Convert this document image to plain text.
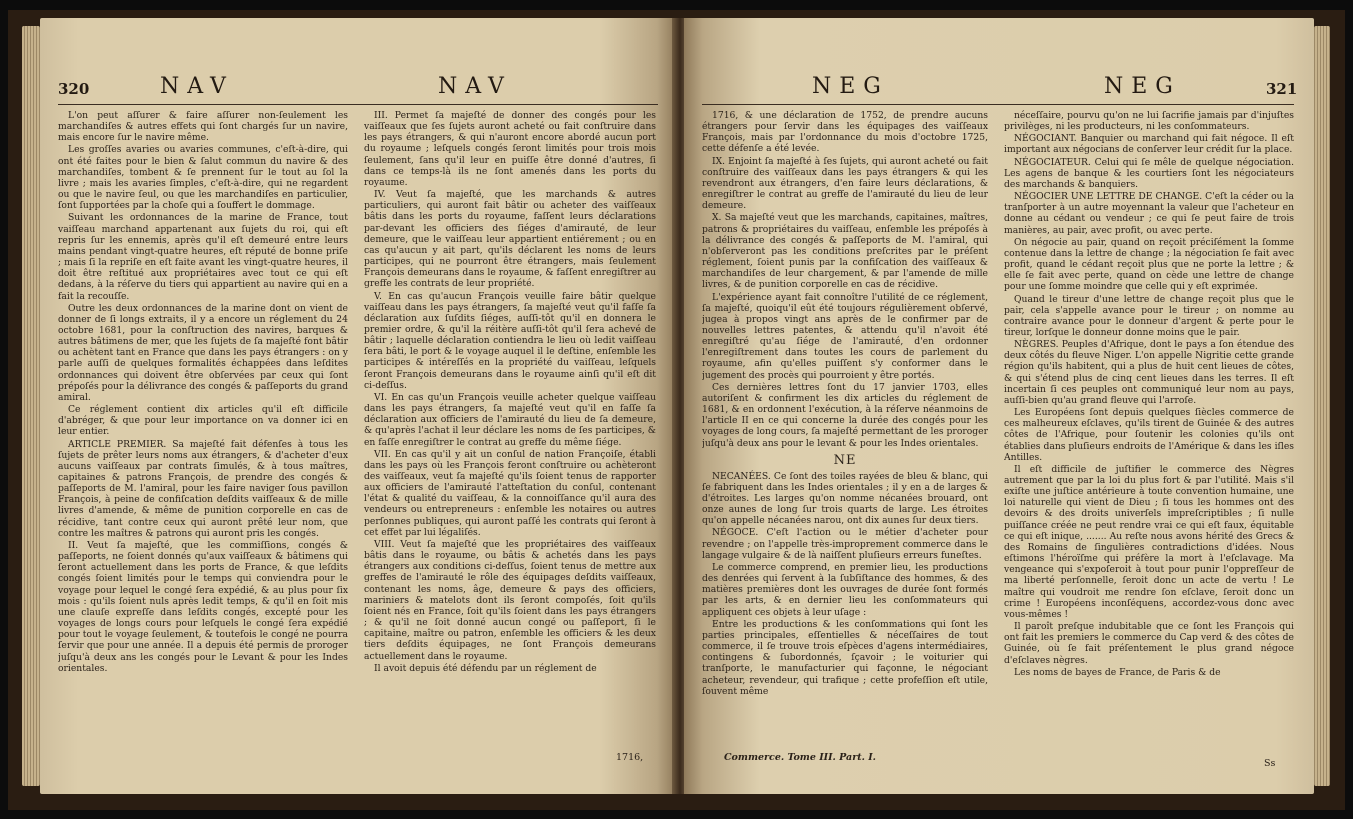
320	NAV	NAV

L'on peut aſſurer & faire aſſurer non-ſeulement les marchandiſes & autres effets qui ſont chargés ſur un navire, mais encore ſur le navire même.

Les groſſes avaries ou avaries communes, c'eſt-à-dire, qui ont été faites pour le bien & ſalut commun du navire & des marchandiſes, tombent & ſe prennent ſur le tout au ſol la livre ; mais les avaries ſimples, c'eſt-à-dire, qui ne regardent ou que le navire ſeul, ou que les marchandiſes en particulier, ſont ſupportées par la choſe qui a ſouffert le dommage.

Suivant les ordonnances de la marine de France, tout vaiſſeau marchand appartenant aux ſujets du roi, qui eſt repris ſur les ennemis, après qu'il eſt demeuré entre leurs mains pendant vingt-quatre heures, eſt réputé de bonne priſe ; mais ſi la repriſe en eſt faite avant les vingt-quatre heures, il doit être reſtitué aux propriétaires avec tout ce qui eſt dedans, à la réſerve du tiers qui appartient au navire qui en a fait la recouſſe.

Outre les deux ordonnances de la marine dont on vient de donner de ſi longs extraits, il y a encore un réglement du 24 octobre 1681, pour la conſtruction des navires, barques & autres bâtimens de mer, que les ſujets de ſa majeſté font bâtir ou achètent tant en France que dans les pays étrangers : on y parle auſſi de quelques formalités échappées dans leſdites ordonnances qui doivent être obſervées par ceux qui ſont prépoſés pour la délivrance des congés & paſſeports du grand amiral.

Ce réglement contient dix articles qu'il eſt difficile d'abréger, & que pour leur importance on va donner ici en leur entier.

ARTICLE PREMIER. Sa majeſté fait défenſes à tous les ſujets de prêter leurs noms aux étrangers, & d'acheter d'eux aucuns vaiſſeaux par contrats ſimulés, & à tous maîtres, capitaines & patrons François, de prendre des congés & paſſeports de M. l'amiral, pour les faire naviger ſous pavillon François, à peine de confiſcation deſdits vaiſſeaux & de mille livres d'amende, & même de punition corporelle en cas de récidive, tant contre ceux qui auront prêté leur nom, que contre les maîtres & patrons qui auront pris les congés.

II. Veut ſa majeſté, que les commiſſions, congés & paſſeports, ne ſoient donnés qu'aux vaiſſeaux & bâtimens qui ſeront actuellement dans les ports de France, & que leſdits congés ſoient limités pour le temps qui conviendra pour le voyage pour lequel le congé ſera expédié, & au plus pour ſix mois : qu'ils ſoient nuls après ledit temps, & qu'il en ſoit mis une clauſe expreſſe dans leſdits congés, excepté pour les voyages de longs cours pour leſquels le congé ſera expédié pour tout le voyage ſeulement, & toutefois le congé ne pourra ſervir que pour une année. Il a depuis été permis de proroger juſqu'à deux ans les congés pour le Levant & pour les Indes orientales.

III. Permet ſa majeſté de donner des congés pour les vaiſſeaux que ſes ſujets auront acheté ou fait conſtruire dans les pays étrangers, & qui n'auront encore abordé aucun port du royaume ; leſquels congés ſeront limités pour trois mois ſeulement, ſans qu'il leur en puiſſe être donné d'autres, ſi dans ce temps-là ils ne ſont amenés dans les ports du royaume.

IV. Veut ſa majeſté, que les marchands & autres particuliers, qui auront fait bâtir ou acheter des vaiſſeaux bâtis dans les ports du royaume, faſſent leurs déclarations par-devant les officiers des ſiéges d'amirauté, de leur demeure, que le vaiſſeau leur appartient entiérement ; ou en cas qu'aucun y ait part, qu'ils déclarent les noms de leurs participes, qui ne pourront être étrangers, mais ſeulement François demeurans dans le royaume, & faſſent enregiſtrer au greffe les contrats de leur propriété.

V. En cas qu'aucun François veuille faire bâtir quelque vaiſſeau dans les pays étrangers, ſa majeſté veut qu'il faſſe ſa déclaration aux ſuſdits ſiéges, auſſi-tôt qu'il en donnera le premier ordre, & qu'il la réitère auſſi-tôt qu'il ſera achevé de bâtir ; laquelle déclaration contiendra le lieu où ledit vaiſſeau ſera bâti, le port & le voyage auquel il le deſtine, enſemble les participes & intéreſſés en la propriété du vaiſſeau, leſquels ſeront François demeurans dans le royaume ainſi qu'il eſt dit ci-deſſus.

VI. En cas qu'un François veuille acheter quelque vaiſſeau dans les pays étrangers, ſa majeſté veut qu'il en faſſe ſa déclaration aux officiers de l'amirauté du lieu de ſa demeure, & qu'après l'achat il leur déclare les noms de ſes participes, & en faſſe enregiſtrer le contrat au greffe du même ſiége.

VII. En cas qu'il y ait un conſul de nation Françoiſe, établi dans les pays où les François feront conſtruire ou achèteront des vaiſſeaux, veut ſa majeſté qu'ils ſoient tenus de rapporter aux officiers de l'amirauté l'atteſtation du conſul, contenant l'état & qualité du vaiſſeau, & la connoiſſance qu'il aura des vendeurs ou entrepreneurs : enſemble les notaires ou autres perſonnes publiques, qui auront paſſé les contrats qui ſeront à cet effet par lui légaliſés.

VIII. Veut ſa majeſté que les propriétaires des vaiſſeaux bâtis dans le royaume, ou bâtis & achetés dans les pays étrangers aux conditions ci-deſſus, ſoient tenus de mettre aux greffes de l'amirauté le rôle des équipages deſdits vaiſſeaux, contenant les noms, âge, demeure & pays des officiers, mariniers & matelots dont ils ſeront compoſés, ſoit qu'ils ſoient nés en France, ſoit qu'ils ſoient dans les pays étrangers ; & qu'il ne ſoit donné aucun congé ou paſſeport, ſi le capitaine, maître ou patron, enſemble les officiers & les deux tiers deſdits équipages, ne ſont François demeurans actuellement dans le royaume.

Il avoit depuis été défendu par un réglement de

1716,
NEG	NEG	321

1716, & une déclaration de 1752, de prendre aucuns étrangers pour ſervir dans les équipages des vaiſſeaux François, mais par l'ordonnance du mois d'octobre 1725, cette défenſe a été levée.

IX. Enjoint ſa majeſté à ſes ſujets, qui auront acheté ou fait conſtruire des vaiſſeaux dans les pays étrangers & qui les revendront aux étrangers, d'en faire leurs déclarations, & enregiſtrer le contrat au greffe de l'amirauté du lieu de leur demeure.

X. Sa majeſté veut que les marchands, capitaines, maîtres, patrons & propriétaires du vaiſſeau, enſemble les prépoſés à la délivrance des congés & paſſeports de M. l'amiral, qui n'obſerveront pas les conditions preſcrites par le préſent réglement, ſoient punis par la confiſcation des vaiſſeaux & marchandiſes de leur chargement, & par l'amende de mille livres, & de punition corporelle en cas de récidive.

L'expérience ayant fait connoître l'utilité de ce réglement, ſa majeſté, quoiqu'il eût été toujours régulièrement obſervé, jugea à propos vingt ans après de le confirmer par de nouvelles lettres patentes, & attendu qu'il n'avoit été enregiſtré qu'au ſiége de l'amirauté, d'en ordonner l'enregiſtrement dans toutes les cours de parlement du royaume, afin qu'elles puiſſent s'y conformer dans le jugement des procès qui pourroient y être portés.

Ces dernières lettres ſont du 17 janvier 1703, elles autoriſent & confirment les dix articles du réglement de 1681, & en ordonnent l'exécution, à la réſerve néanmoins de l'article II en ce qui concerne la durée des congés pour les voyages de long cours, ſa majeſté permettant de les proroger juſqu'à deux ans pour le levant & pour les Indes orientales.

NE

NECANÉES. Ce ſont des toiles rayées de bleu & blanc, qui ſe fabriquent dans les Indes orientales ; il y en a de larges & d'étroites. Les larges qu'on nomme nécanées brouard, ont onze aunes de long ſur trois quarts de large. Les étroites qu'on appelle nécanées narou, ont dix aunes ſur deux tiers.

NÉGOCE. C'eſt l'action ou le métier d'acheter pour revendre ; on l'appelle très-improprement commerce dans le langage vulgaire & de là naiſſent pluſieurs erreurs funeſtes.

Le commerce comprend, en premier lieu, les productions des denrées qui ſervent à la ſubſiſtance des hommes, & des matières premières dont les ouvrages de durée ſont formés par les arts, & en dernier lieu les conſommateurs qui appliquent ces objets à leur uſage :

Entre les productions & les conſommations qui ſont les parties principales, eſſentielles & néceſſaires de tout commerce, il ſe trouve trois eſpèces d'agens intermédiaires, contingens & ſubordonnés, ſçavoir ; le voiturier qui tranſporte, le manufacturier qui façonne, le négociant acheteur, revendeur, qui trafique ; cette profeſſion eſt utile, ſouvent même

néceſſaire, pourvu qu'on ne lui ſacrifie jamais par d'injuſtes privilèges, ni les producteurs, ni les conſommateurs.

NÉGOCIANT. Banquier ou marchand qui fait négoce. Il eſt important aux négocians de conſerver leur crédit ſur la place.

NÉGOCIATEUR. Celui qui ſe mêle de quelque négociation. Les agens de banque & les courtiers ſont les négociateurs des marchands & banquiers.

NÉGOCIER UNE LETTRE DE CHANGE. C'eſt la céder ou la tranſporter à un autre moyennant la valeur que l'acheteur en donne au cédant ou vendeur ; ce qui ſe peut faire de trois manières, au pair, avec profit, ou avec perte.

On négocie au pair, quand on reçoit préciſément la ſomme contenue dans la lettre de change ; la négociation ſe fait avec profit, quand le cédant reçoit plus que ne porte la lettre ; & elle ſe fait avec perte, quand on cède une lettre de change pour une ſomme moindre que celle qui y eſt exprimée.

Quand le tireur d'une lettre de change reçoit plus que le pair, cela s'appelle avance pour le tireur ; on nomme au contraire avance pour le donneur d'argent & perte pour le tireur, lorſque le donneur donne moins que le pair.

NÈGRES. Peuples d'Afrique, dont le pays a ſon étendue des deux côtés du fleuve Niger. L'on appelle Nigritie cette grande région qu'ils habitent, qui a plus de huit cent lieues de côtes, & qui s'étend plus de cinq cent lieues dans les terres. Il eſt incertain ſi ces peuples ont communiqué leur nom au pays, auſſi-bien qu'au grand fleuve qui l'arroſe.

Les Européens ſont depuis quelques ſiècles commerce de ces malheureux eſclaves, qu'ils tirent de Guinée & des autres côtes de l'Afrique, pour ſoutenir les colonies qu'ils ont établies dans pluſieurs endroits de l'Amérique & dans les iſles Antilles.

Il eſt difficile de juſtifier le commerce des Nègres autrement que par la loi du plus fort & par l'utilité. Mais s'il exiſte une juſtice antérieure à toute convention humaine, une loi naturelle qui vient de Dieu ; ſi tous les hommes ont des devoirs & des droits univerſels impreſcriptibles ; ſi nulle puiſſance créée ne peut rendre vrai ce qui eſt faux, équitable ce qui eſt inique, ....... Au reſte nous avons hérité des Grecs & des Romains de ſingulières contradictions d'idées. Nous eſtimons l'héroïſme qui préfère la mort à l'eſclavage. Ma vengeance qui s'expoſeroit à tout pour punir l'oppreſſeur de ma liberté perſonnelle, ſeroit donc un acte de vertu ! Le maître qui voudroit me rendre ſon eſclave, ſeroit donc un crime ! Européens inconſéquens, accordez-vous donc avec vous-mêmes !

Il paroît preſque indubitable que ce ſont les François qui ont fait les premiers le commerce du Cap verd & des côtes de Guinée, où ſe fait préſentement le plus grand négoce d'eſclaves nègres.

Les noms de bayes de France, de Paris & de

Commerce. Tome III. Part. I.
Ss
